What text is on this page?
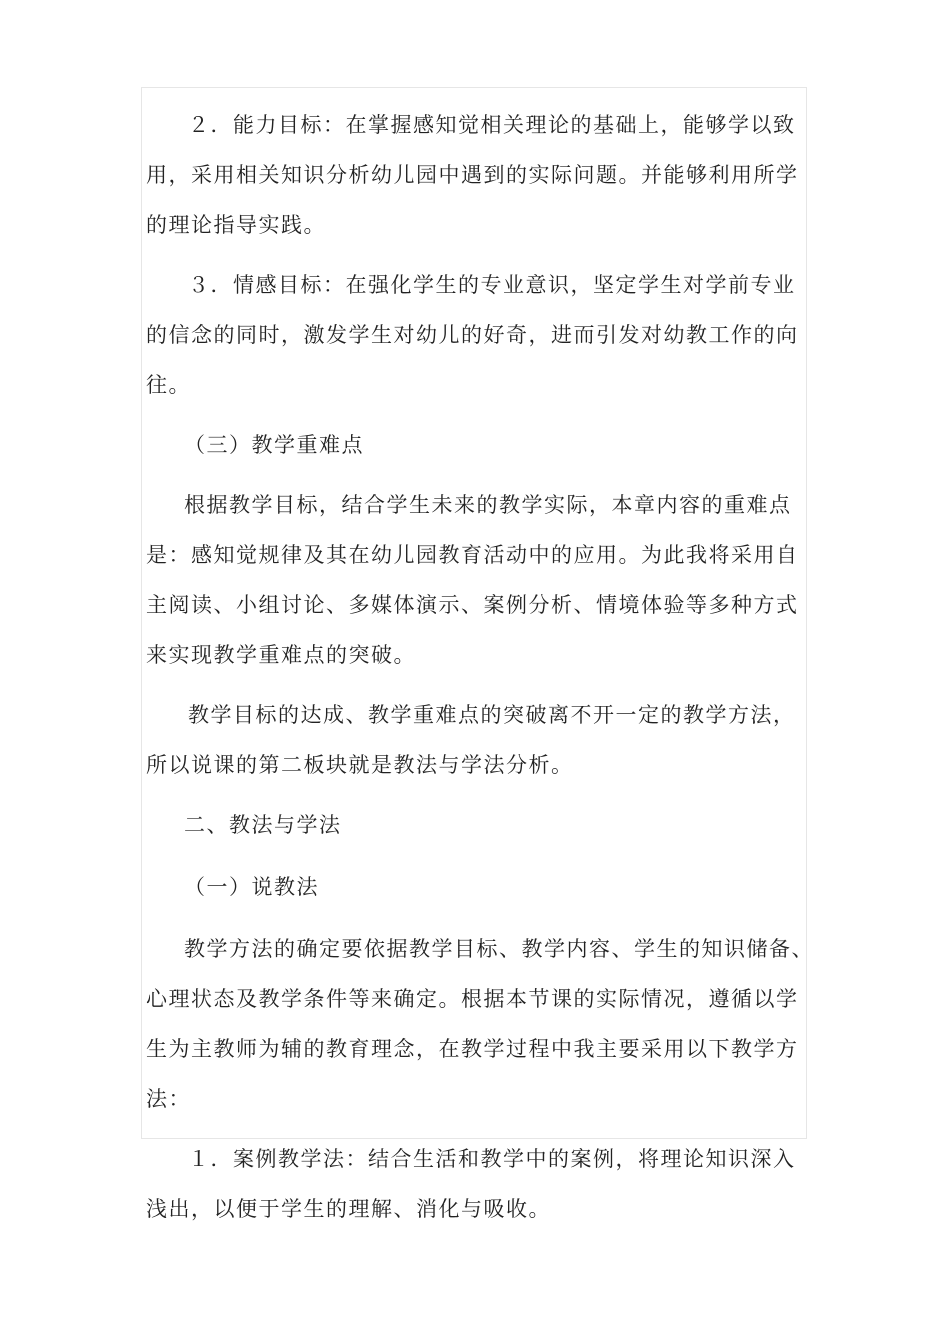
２．能力目标：在掌握感知觉相关理论的基础上，能够学以致用，采用相关知识分析幼儿园中遇到的实际问题。并能够利用所学的理论指导实践。

３．情感目标：在强化学生的专业意识，坚定学生对学前专业的信念的同时，激发学生对幼儿的好奇，进而引发对幼教工作的向往。

（三）教学重难点

根据教学目标，结合学生未来的教学实际，本章内容的重难点是：感知觉规律及其在幼儿园教育活动中的应用。为此我将采用自主阅读、小组讨论、多媒体演示、案例分析、情境体验等多种方式来实现教学重难点的突破。

教学目标的达成、教学重难点的突破离不开一定的教学方法，所以说课的第二板块就是教法与学法分析。

二、教法与学法

（一）说教法

教学方法的确定要依据教学目标、教学内容、学生的知识储备、心理状态及教学条件等来确定。根据本节课的实际情况，遵循以学生为主教师为辅的教育理念，在教学过程中我主要采用以下教学方法：

１．案例教学法：结合生活和教学中的案例，将理论知识深入浅出，以便于学生的理解、消化与吸收。
